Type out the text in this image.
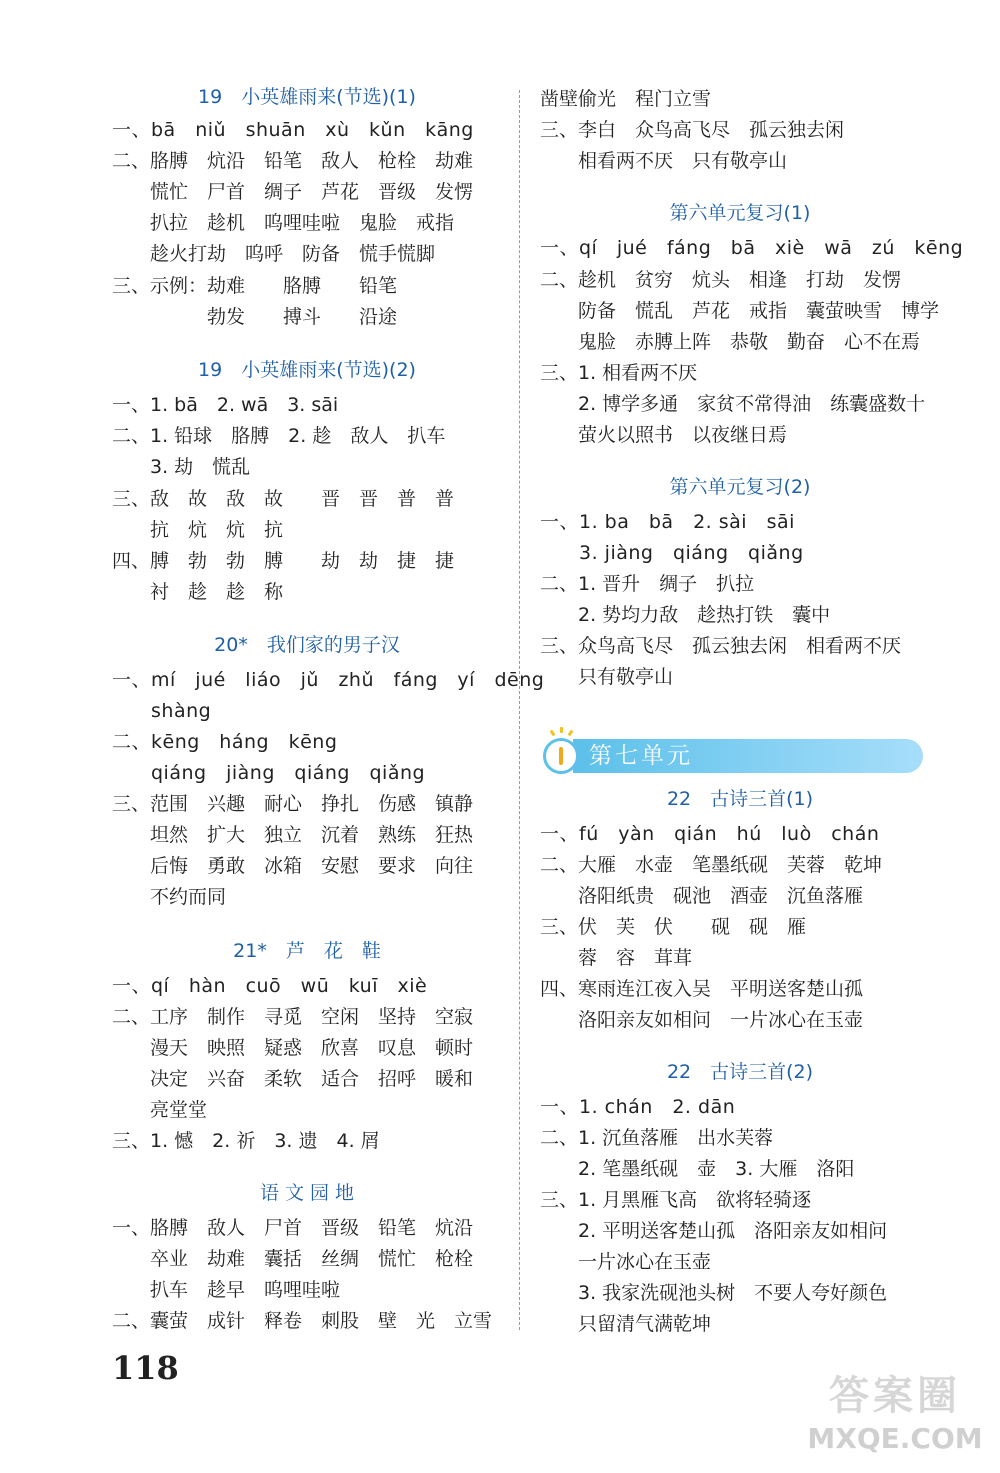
19　小英雄雨来(节选)(1)
一、bā　niǔ　shuān　xù　kǔn　kāng
二、胳膊　炕沿　铅笔　敌人　枪栓　劫难
　　慌忙　尸首　绸子　芦花　晋级　发愣
　　扒拉　趁机　呜哩哇啦　鬼脸　戒指
　　趁火打劫　呜呼　防备　慌手慌脚
三、示例：劫难　　胳膊　　铅笔
　　　　　勃发　　搏斗　　沿途
19　小英雄雨来(节选)(2)
一、1. bā　2. wā　3. sāi
二、1. 铅球　胳膊　2. 趁　敌人　扒车
　　3. 劫　慌乱
三、敌　故　敌　故　　晋　晋　普　普
　　抗　炕　炕　抗
四、膊　勃　勃　膊　　劫　劫　捷　捷
　　衬　趁　趁　称
20*　我们家的男子汉
一、mí　jué　liáo　jǔ　zhǔ　fáng　yí　dēng
　　shàng
二、kēng　háng　kēng
　　qiáng　jiàng　qiáng　qiǎng
三、范围　兴趣　耐心　挣扎　伤感　镇静
　　坦然　扩大　独立　沉着　熟练　狂热
　　后悔　勇敢　冰箱　安慰　要求　向往
　　不约而同
21*　芦　花　鞋
一、qí　hàn　cuō　wū　kuī　xiè
二、工序　制作　寻觅　空闲　坚持　空寂
　　漫天　映照　疑惑　欣喜　叹息　顿时
　　决定　兴奋　柔软　适合　招呼　暖和
　　亮堂堂
三、1. 憾　2. 祈　3. 遗　4. 屑
语 文 园 地
一、胳膊　敌人　尸首　晋级　铅笔　炕沿
　　卒业　劫难　囊括　丝绸　慌忙　枪栓
　　扒车　趁早　呜哩哇啦
二、囊萤　成针　释卷　刺股　壁　光　立雪
凿壁偷光　程门立雪
三、李白　众鸟高飞尽　孤云独去闲
　　相看两不厌　只有敬亭山
第六单元复习(1)
一、qí　jué　fáng　bā　xiè　wā　zú　kēng
二、趁机　贫穷　炕头　相逢　打劫　发愣
　　防备　慌乱　芦花　戒指　囊萤映雪　博学
　　鬼脸　赤膊上阵　恭敬　勤奋　心不在焉
三、1. 相看两不厌
　　2. 博学多通　家贫不常得油　练囊盛数十
　　萤火以照书　以夜继日焉
第六单元复习(2)
一、1. ba　bā　2. sài　sāi
　　3. jiàng　qiáng　qiǎng
二、1. 晋升　绸子　扒拉
　　2. 势均力敌　趁热打铁　囊中
三、众鸟高飞尽　孤云独去闲　相看两不厌
　　只有敬亭山
22　古诗三首(1)
一、fú　yàn　qián　hú　luò　chán
二、大雁　水壶　笔墨纸砚　芙蓉　乾坤
　　洛阳纸贵　砚池　酒壶　沉鱼落雁
三、伏　芙　伏　　砚　砚　雁
　　蓉　容　茸茸
四、寒雨连江夜入吴　平明送客楚山孤
　　洛阳亲友如相问　一片冰心在玉壶
22　古诗三首(2)
一、1. chán　2. dān
二、1. 沉鱼落雁　出水芙蓉
　　2. 笔墨纸砚　壶　3. 大雁　洛阳
三、1. 月黑雁飞高　欲将轻骑逐
　　2. 平明送客楚山孤　洛阳亲友如相问
　　一片冰心在玉壶
　　3. 我家洗砚池头树　不要人夸好颜色
　　只留清气满乾坤
第七单元
118
答案圈
MXQE.COM
